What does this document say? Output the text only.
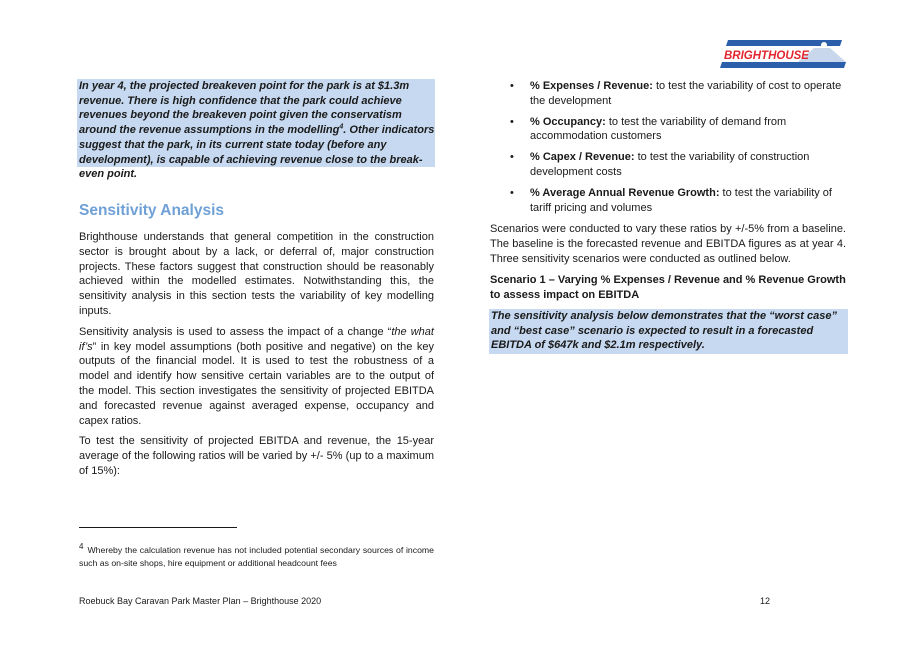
BRIGHTHOUSE
In year 4, the projected breakeven point for the park is at $1.3m revenue. There is high confidence that the park could achieve revenues beyond the breakeven point given the conservatism around the revenue assumptions in the modelling$^4$. Other indicators suggest that the park, in its current state today (before any development), is capable of achieving revenue close to the break-even point.
Sensitivity Analysis

Brighthouse understands that general competition in the construction sector is brought about by a lack, or deferral of, major construction projects. These factors suggest that construction should be reasonably achieved within the modelled estimates. Notwithstanding this, the sensitivity analysis in this section tests the variability of key modelling inputs.

Sensitivity analysis is used to assess the impact of a change “the what if’s” in key model assumptions (both positive and negative) on the key outputs of the financial model. It is used to test the robustness of a model and identify how sensitive certain variables are to the output of the model. This section investigates the sensitivity of projected EBITDA and forecasted revenue against averaged expense, occupancy and capex ratios.

To test the sensitivity of projected EBITDA and revenue, the 15-year average of the following ratios will be varied by +/- 5% (up to a maximum of 15%):

• % Expenses / Revenue: to test the variability of cost to operate the development
• % Occupancy: to test the variability of demand from accommodation customers
• % Capex / Revenue: to test the variability of construction development costs
• % Average Annual Revenue Growth: to test the variability of tariff pricing and volumes

Scenarios were conducted to vary these ratios by +/-5% from a baseline. The baseline is the forecasted revenue and EBITDA figures as at year 4. Three sensitivity scenarios were conducted as outlined below.

Scenario 1 – Varying % Expenses / Revenue and % Revenue Growth to assess impact on EBITDA

The sensitivity analysis below demonstrates that the “worst case” and “best case” scenario is expected to result in a forecasted EBITDA of $647k and $2.1m respectively.
4 Whereby the calculation revenue has not included potential secondary sources of income such as on-site shops, hire equipment or additional headcount fees
Roebuck Bay Caravan Park Master Plan – Brighthouse 2020	12
